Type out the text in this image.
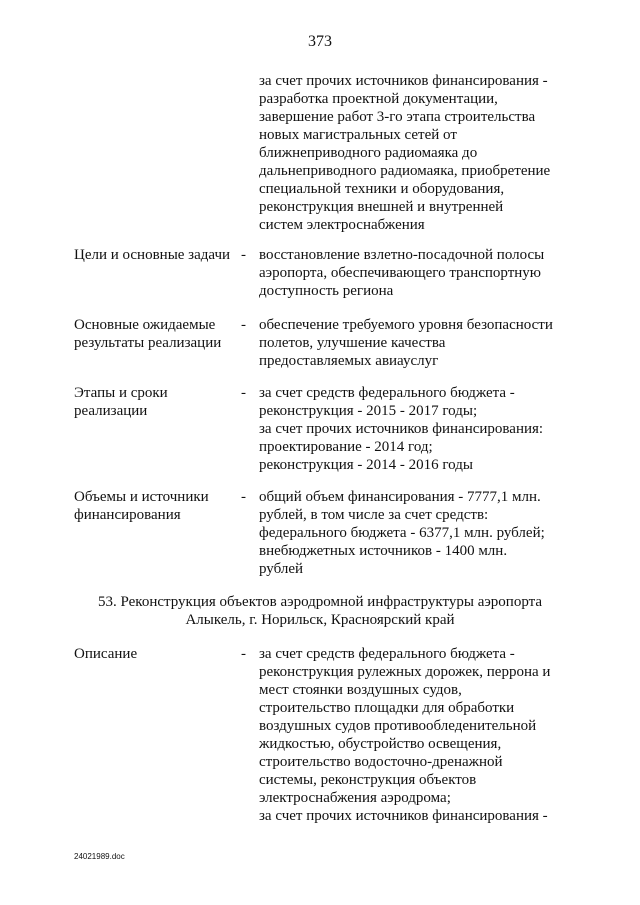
373
за счет прочих источников финансирования -
разработка проектной документации,
завершение работ 3-го этапа строительства
новых магистральных сетей от
ближнеприводного радиомаяка до
дальнеприводного радиомаяка, приобретение
специальной техники и оборудования,
реконструкция внешней и внутренней
систем электроснабжения
Цели и основные задачи - восстановление взлетно-посадочной полосы
аэропорта, обеспечивающего транспортную
доступность региона
Основные ожидаемые
результаты реализации
- обеспечение требуемого уровня безопасности
полетов, улучшение качества
предоставляемых авиауслуг
Этапы и сроки
реализации
- за счет средств федерального бюджета -
реконструкция - 2015 - 2017 годы;
за счет прочих источников финансирования:
проектирование - 2014 год;
реконструкция - 2014 - 2016 годы
Объемы и источники
финансирования
- общий объем финансирования - 7777,1 млн.
рублей, в том числе за счет средств:
федерального бюджета - 6377,1 млн. рублей;
внебюджетных источников - 1400 млн.
рублей
53. Реконструкция объектов аэродромной инфраструктуры аэропорта
Алыкель, г. Норильск, Красноярский край
Описание	- за счет средств федерального бюджета -
реконструкция рулежных дорожек, перрона и
мест стоянки воздушных судов,
строительство площадки для обработки
воздушных судов противообледенительной
жидкостью, обустройство освещения,
строительство водосточно-дренажной
системы, реконструкция объектов
электроснабжения аэродрома;
за счет прочих источников финансирования -
24021989.doc
